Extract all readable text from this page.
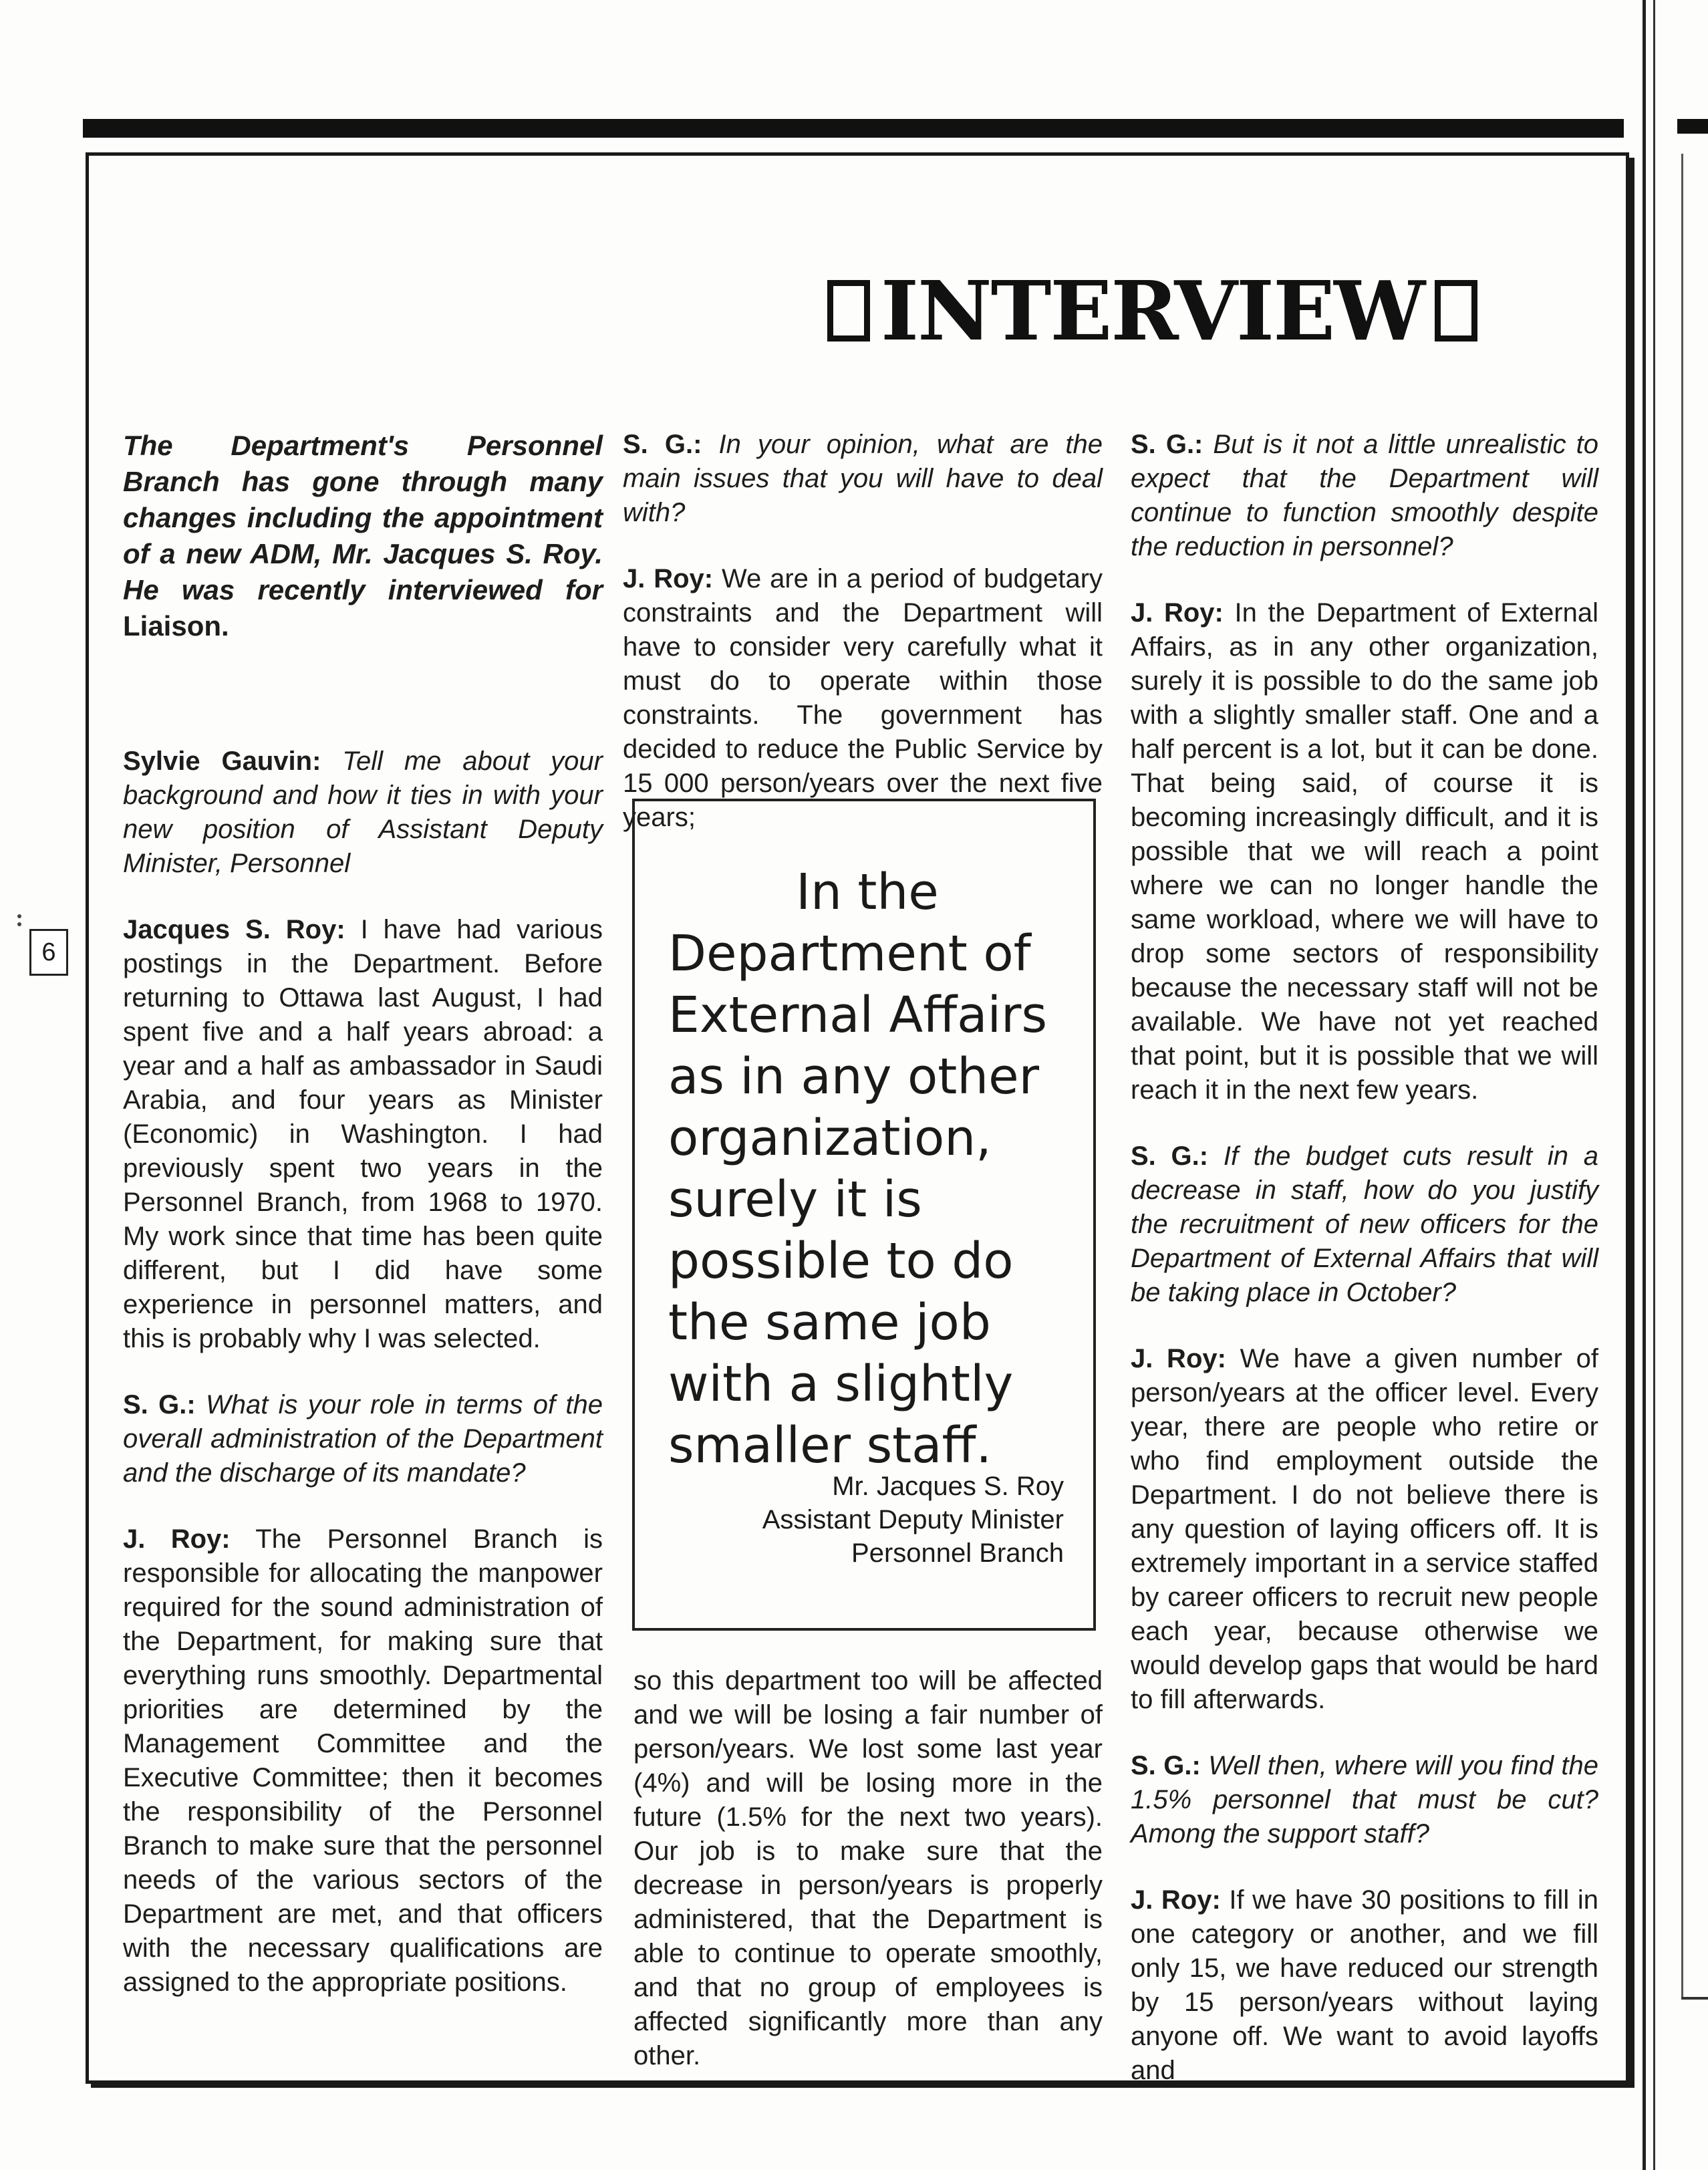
6
INTERVIEW

The Department's Personnel Branch has gone through many changes including the appointment of a new ADM, Mr. Jacques S. Roy. He was recently interviewed for Liaison.

Sylvie Gauvin: Tell me about your background and how it ties in with your new position of Assistant Deputy Minister, Personnel

Jacques S. Roy: I have had various postings in the Department. Before returning to Ottawa last August, I had spent five and a half years abroad: a year and a half as ambassador in Saudi Arabia, and four years as Minister (Economic) in Washington. I had previously spent two years in the Personnel Branch, from 1968 to 1970. My work since that time has been quite different, but I did have some experience in personnel matters, and this is probably why I was selected.

S. G.: What is your role in terms of the overall administration of the Department and the discharge of its mandate?

J. Roy: The Personnel Branch is responsible for allocating the manpower required for the sound administration of the Department, for making sure that everything runs smoothly. Departmental priorities are determined by the Management Committee and the Executive Committee; then it becomes the responsibility of the Personnel Branch to make sure that the personnel needs of the various sectors of the Department are met, and that officers with the necessary qualifications are assigned to the appropriate positions.

S. G.: In your opinion, what are the main issues that you will have to deal with?

J. Roy: We are in a period of budgetary constraints and the Department will have to consider very carefully what it must do to operate within those constraints. The government has decided to reduce the Public Service by 15 000 person/years over the next five years;

In the
Department of External Affairs as in any other organization, surely it is possible to do the same job with a slightly smaller staff.
Mr. Jacques S. Roy
Assistant Deputy Minister
Personnel Branch

so this department too will be affected and we will be losing a fair number of person/years. We lost some last year (4%) and will be losing more in the future (1.5% for the next two years). Our job is to make sure that the decrease in person/years is properly administered, that the Department is able to continue to operate smoothly, and that no group of employees is affected significantly more than any other.

S. G.: But is it not a little unrealistic to expect that the Department will continue to function smoothly despite the reduction in personnel?

J. Roy: In the Department of External Affairs, as in any other organization, surely it is possible to do the same job with a slightly smaller staff. One and a half percent is a lot, but it can be done. That being said, of course it is becoming increasingly difficult, and it is possible that we will reach a point where we can no longer handle the same workload, where we will have to drop some sectors of responsibility because the necessary staff will not be available. We have not yet reached that point, but it is possible that we will reach it in the next few years.

S. G.: If the budget cuts result in a decrease in staff, how do you justify the recruitment of new officers for the Department of External Affairs that will be taking place in October?

J. Roy: We have a given number of person/years at the officer level. Every year, there are people who retire or who find employment outside the Department. I do not believe there is any question of laying officers off. It is extremely important in a service staffed by career officers to recruit new people each year, because otherwise we would develop gaps that would be hard to fill afterwards.

S. G.: Well then, where will you find the 1.5% personnel that must be cut? Among the support staff?

J. Roy: If we have 30 positions to fill in one category or another, and we fill only 15, we have reduced our strength by 15 person/years without laying anyone off. We want to avoid layoffs and
